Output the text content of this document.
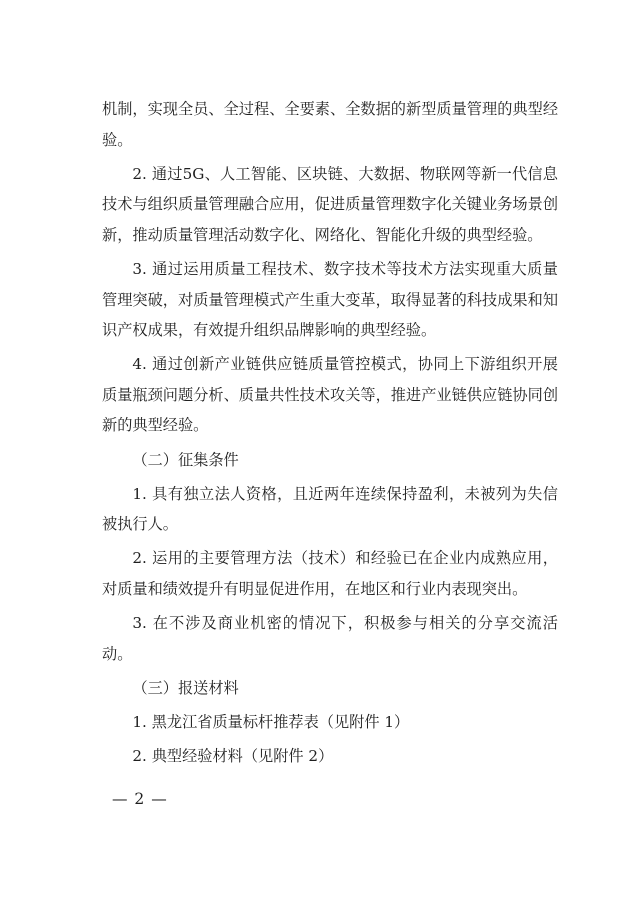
机制，实现全员、全过程、全要素、全数据的新型质量管理的典型经验。

2. 通过5G、人工智能、区块链、大数据、物联网等新一代信息技术与组织质量管理融合应用，促进质量管理数字化关键业务场景创新，推动质量管理活动数字化、网络化、智能化升级的典型经验。

3. 通过运用质量工程技术、数字技术等技术方法实现重大质量管理突破，对质量管理模式产生重大变革，取得显著的科技成果和知识产权成果，有效提升组织品牌影响的典型经验。

4. 通过创新产业链供应链质量管控模式，协同上下游组织开展质量瓶颈问题分析、质量共性技术攻关等，推进产业链供应链协同创新的典型经验。

（二）征集条件

1. 具有独立法人资格，且近两年连续保持盈利，未被列为失信被执行人。

2. 运用的主要管理方法（技术）和经验已在企业内成熟应用，对质量和绩效提升有明显促进作用，在地区和行业内表现突出。

3. 在不涉及商业机密的情况下，积极参与相关的分享交流活动。

（三）报送材料

1. 黑龙江省质量标杆推荐表（见附件 1）

2. 典型经验材料（见附件 2）

— 2 —
